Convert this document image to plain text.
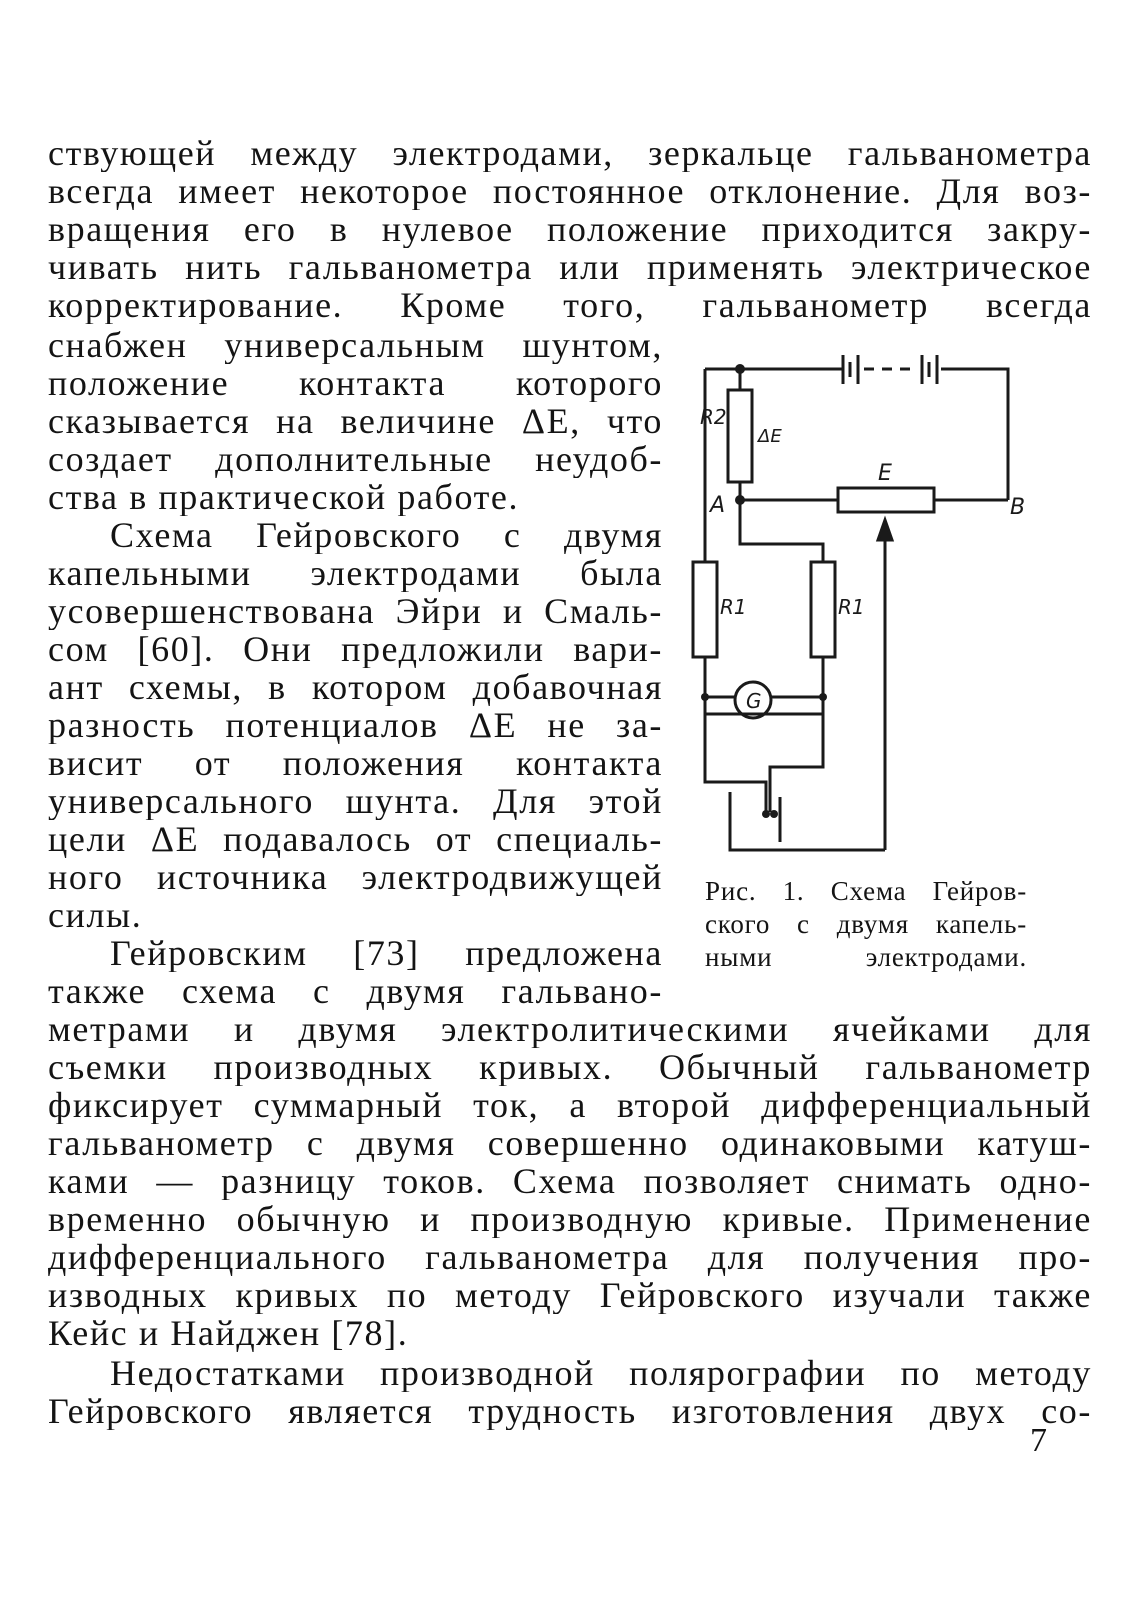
ствующей между электродами, зеркальце гальванометра
всегда имеет некоторое постоянное отклонение. Для воз-
вращения его в нулевое положение приходится закру-
чивать нить гальванометра или применять электрическое
корректирование. Кроме того, гальванометр всегда
снабжен универсальным шунтом,
положение контакта которого
сказывается на величине ΔE, что
создает дополнительные неудоб-
ства в практической работе.
Схема Гейровского с двумя
капельными электродами была
усовершенствована Эйри и Смаль-
сом [60]. Они предложили вари-
ант схемы, в котором добавочная
разность потенциалов ΔE не за-
висит от положения контакта
универсального шунта. Для этой
цели ΔE подавалось от специаль-
ного источника электродвижущей
силы.
Гейровским [73] предложена
также схема с двумя гальвано-
метрами и двумя электролитическими ячейками для
съемки производных кривых. Обычный гальванометр
фиксирует суммарный ток, а второй дифференциальный
гальванометр с двумя совершенно одинаковыми катуш-
ками — разницу токов. Схема позволяет снимать одно-
временно обычную и производную кривые. Применение
дифференциального гальванометра для получения про-
изводных кривых по методу Гейровского изучали также
Кейс и Найджен [78].
Недостатками производной полярографии по методу
Гейровского является трудность изготовления двух со-
R2
ΔE
E
A	B
R1	R1
G
Рис. 1. Схема Гейров-
ского с двумя капель-
ными электродами.
7
